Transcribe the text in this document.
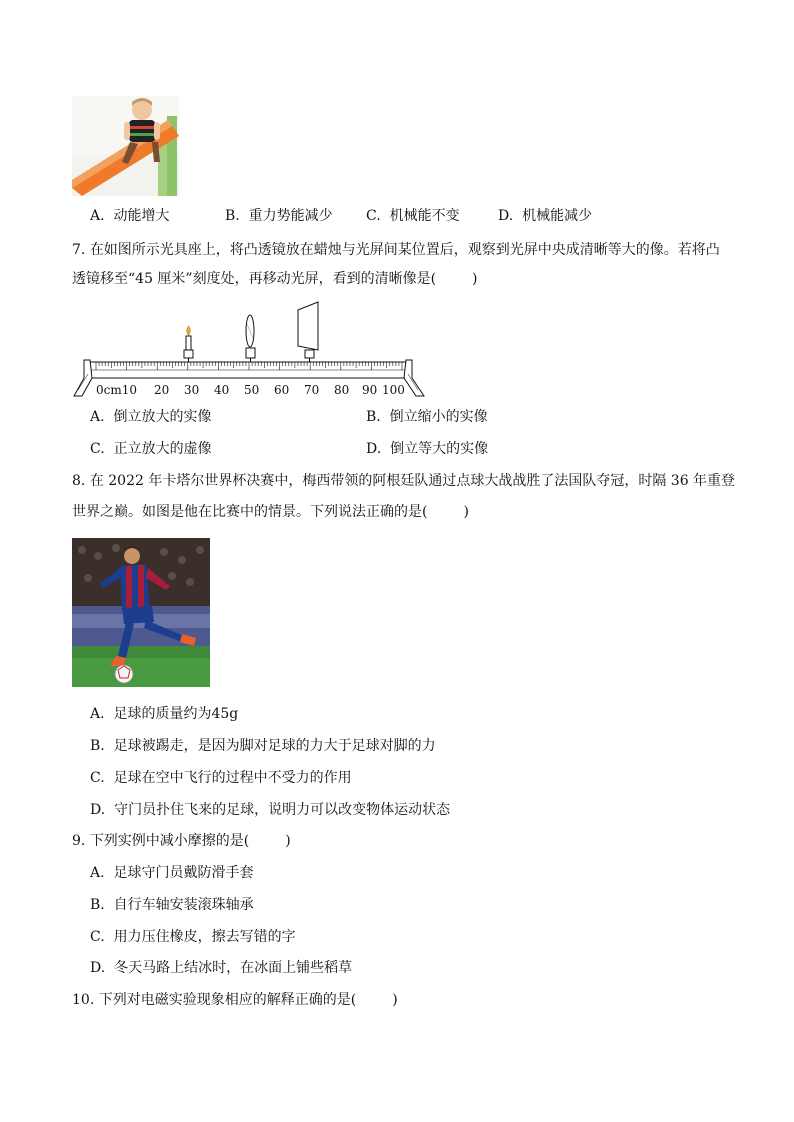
A. 动能增大	B. 重力势能减少 C. 机械能不变	D. 机械能减少
7. 在如图所示光具座上，将凸透镜放在蜡烛与光屏间某位置后，观察到光屏中央成清晰等大的像。若将凸
透镜移至“45 厘米”刻度处，再移动光屏，看到的清晰像是(	)
0cm10 20 30 40 50 60 70 80 90 100
A. 倒立放大的实像	B. 倒立缩小的实像
C. 正立放大的虚像	D. 倒立等大的实像
8. 在 2022 年卡塔尔世界杯决赛中，梅西带领的阿根廷队通过点球大战战胜了法国队夺冠，时隔 36 年重登
世界之巅。如图是他在比赛中的情景。下列说法正确的是(	)
A. 足球的质量约为45g
B. 足球被踢走，是因为脚对足球的力大于足球对脚的力
C. 足球在空中飞行的过程中不受力的作用
D. 守门员扑住飞来的足球，说明力可以改变物体运动状态
9. 下列实例中减小摩擦的是(	)
A. 足球守门员戴防滑手套
B. 自行车轴安装滚珠轴承
C. 用力压住橡皮，擦去写错的字
D. 冬天马路上结冰时，在冰面上铺些稻草
10. 下列对电磁实验现象相应的解释正确的是(	)
